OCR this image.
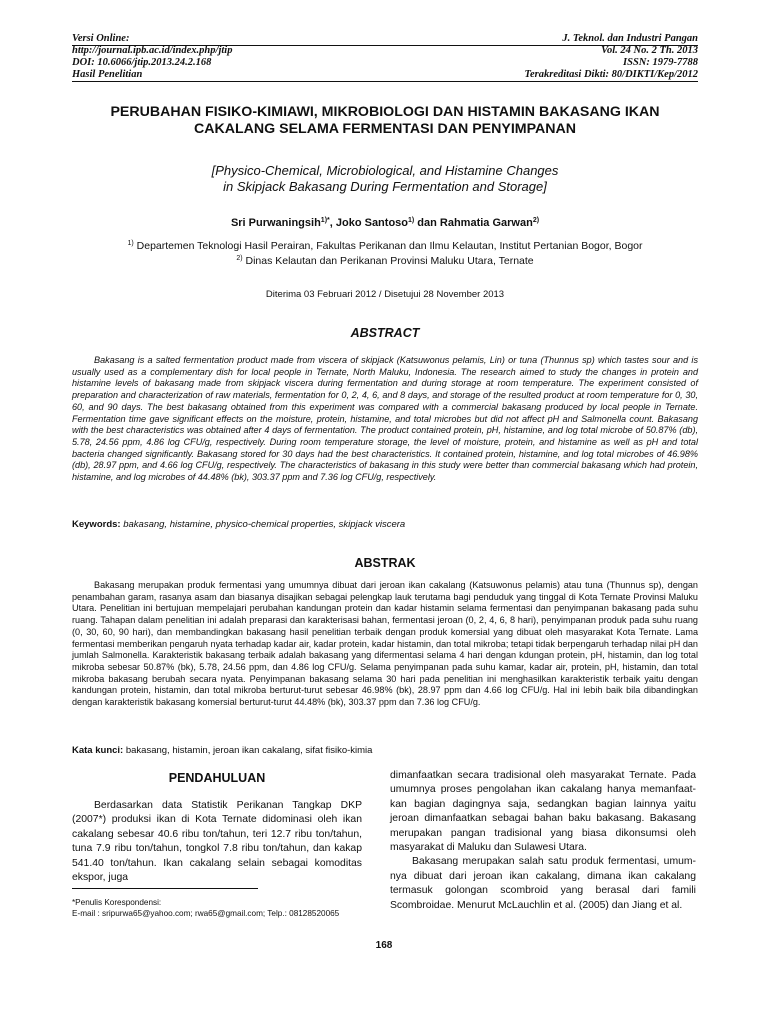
Versi Online:
http://journal.ipb.ac.id/index.php/jtip
DOI: 10.6066/jtip.2013.24.2.168
Hasil Penelitian
J. Teknol. dan Industri Pangan
Vol. 24 No. 2 Th. 2013
ISSN: 1979-7788
Terakreditasi Dikti: 80/DIKTI/Kep/2012
PERUBAHAN FISIKO-KIMIAWI, MIKROBIOLOGI DAN HISTAMIN BAKASANG IKAN CAKALANG SELAMA FERMENTASI DAN PENYIMPANAN
[Physico-Chemical, Microbiological, and Histamine Changes
in Skipjack Bakasang During Fermentation and Storage]
Sri Purwaningsih$^{1)*}$, Joko Santoso$^{1)}$ dan Rahmatia Garwan$^{2)}$
$^{1)}$ Departemen Teknologi Hasil Perairan, Fakultas Perikanan dan Ilmu Kelautan, Institut Pertanian Bogor, Bogor
$^{2)}$ Dinas Kelautan dan Perikanan Provinsi Maluku Utara, Ternate
Diterima 03 Februari 2012 / Disetujui 28 November 2013
ABSTRACT
Bakasang is a salted fermentation product made from viscera of skipjack (Katsuwonus pelamis, Lin) or tuna (Thunnus sp) which tastes sour and is usually used as a complementary dish for local people in Ternate, North Maluku, Indonesia. The research aimed to study the changes in protein and histamine levels of bakasang made from skipjack viscera during fermentation and during storage at room temperature. The experiment consisted of preparation and characterization of raw materials, fermentation for 0, 2, 4, 6, and 8 days, and storage of the resulted product at room temperature for 0, 30, 60, and 90 days. The best bakasang obtained from this experiment was compared with a commercial bakasang produced by local people in Ternate. Fermentation time gave significant effects on the moisture, protein, histamine, and total microbes but did not affect pH and Salmonella count. Bakasang with the best characteristics was obtained after 4 days of fermentation. The product contained protein, pH, histamine, and log total microbe of 50.87% (db), 5.78, 24.56 ppm, 4.86 log CFU/g, respectively. During room temperature storage, the level of moisture, protein, and histamine as well as pH and total bacteria changed significantly. Bakasang stored for 30 days had the best characteristics. It contained protein, histamine, and log total microbes of 46.98% (db), 28.97 ppm, and 4.66 log CFU/g, respectively. The characteristics of bakasang in this study were better than commercial bakasang which had protein, histamine, and log microbes of 44.48% (bk), 303.37 ppm and 7.36 log CFU/g, respectively.
Keywords: bakasang, histamine, physico-chemical properties, skipjack viscera
ABSTRAK
Bakasang merupakan produk fermentasi yang umumnya dibuat dari jeroan ikan cakalang (Katsuwonus pelamis) atau tuna (Thunnus sp), dengan penambahan garam, rasanya asam dan biasanya disajikan sebagai pelengkap lauk terutama bagi penduduk yang tinggal di Kota Ternate Provinsi Maluku Utara. Penelitian ini bertujuan mempelajari perubahan kandungan protein dan kadar histamin selama fermentasi dan penyimpanan bakasang pada suhu ruang. Tahapan dalam penelitian ini adalah preparasi dan karakterisasi bahan, fermentasi jeroan (0, 2, 4, 6, 8 hari), penyimpanan produk pada suhu ruang (0, 30, 60, 90 hari), dan membandingkan bakasang hasil penelitian terbaik dengan produk komersial yang dibuat oleh masyarakat Kota Ternate. Lama fermentasi memberikan pengaruh nyata terhadap kadar air, kadar protein, kadar histamin, dan total mikroba; tetapi tidak berpengaruh terhadap nilai pH dan jumlah Salmonella. Karakteristik bakasang terbaik adalah bakasang yang difermentasi selama 4 hari dengan kdungan protein, pH, histamin, dan log total mikroba sebesar 50.87% (bk), 5.78, 24.56 ppm, dan 4.86 log CFU/g. Selama penyimpanan pada suhu kamar, kadar air, protein, pH, histamin, dan total mikroba bakasang berubah secara nyata. Penyimpanan bakasang selama 30 hari pada penelitian ini menghasilkan karakteristik terbaik yaitu dengan kandungan protein, histamin, dan total mikroba berturut-turut sebesar 46.98% (bk), 28.97 ppm dan 4.66 log CFU/g. Hal ini lebih baik bila dibandingkan dengan karakteristik bakasang komersial berturut-turut 44.48% (bk), 303.37 ppm dan 7.36 log CFU/g.
Kata kunci: bakasang, histamin, jeroan ikan cakalang, sifat fisiko-kimia
PENDAHULUAN
Berdasarkan data Statistik Perikanan Tangkap DKP (2007*) produksi ikan di Kota Ternate didominasi oleh ikan cakalang sebesar 40.6 ribu ton/tahun, teri 12.7 ribu ton/tahun, tuna 7.9 ribu ton/tahun, tongkol 7.8 ribu ton/tahun, dan kakap 541.40 ton/tahun. Ikan cakalang selain sebagai komoditas ekspor, juga

dimanfaatkan secara tradisional oleh masyarakat Ternate. Pada umumnya proses pengolahan ikan cakalang hanya memanfaat-kan bagian dagingnya saja, sedangkan bagian lainnya yaitu jeroan dimanfaatkan sebagai bahan baku bakasang. Bakasang merupakan pangan tradisional yang biasa dikonsumsi oleh masyarakat di Maluku dan Sulawesi Utara.

Bakasang merupakan salah satu produk fermentasi, umum-nya dibuat dari jeroan ikan cakalang, dimana ikan cakalang termasuk golongan scombroid yang berasal dari famili Scombroidae. Menurut McLauchlin et al. (2005) dan Jiang et al.

*Penulis Korespondensi:
E-mail : sripurwa65@yahoo.com; rwa65@gmail.com; Telp.: 08128520065
168
